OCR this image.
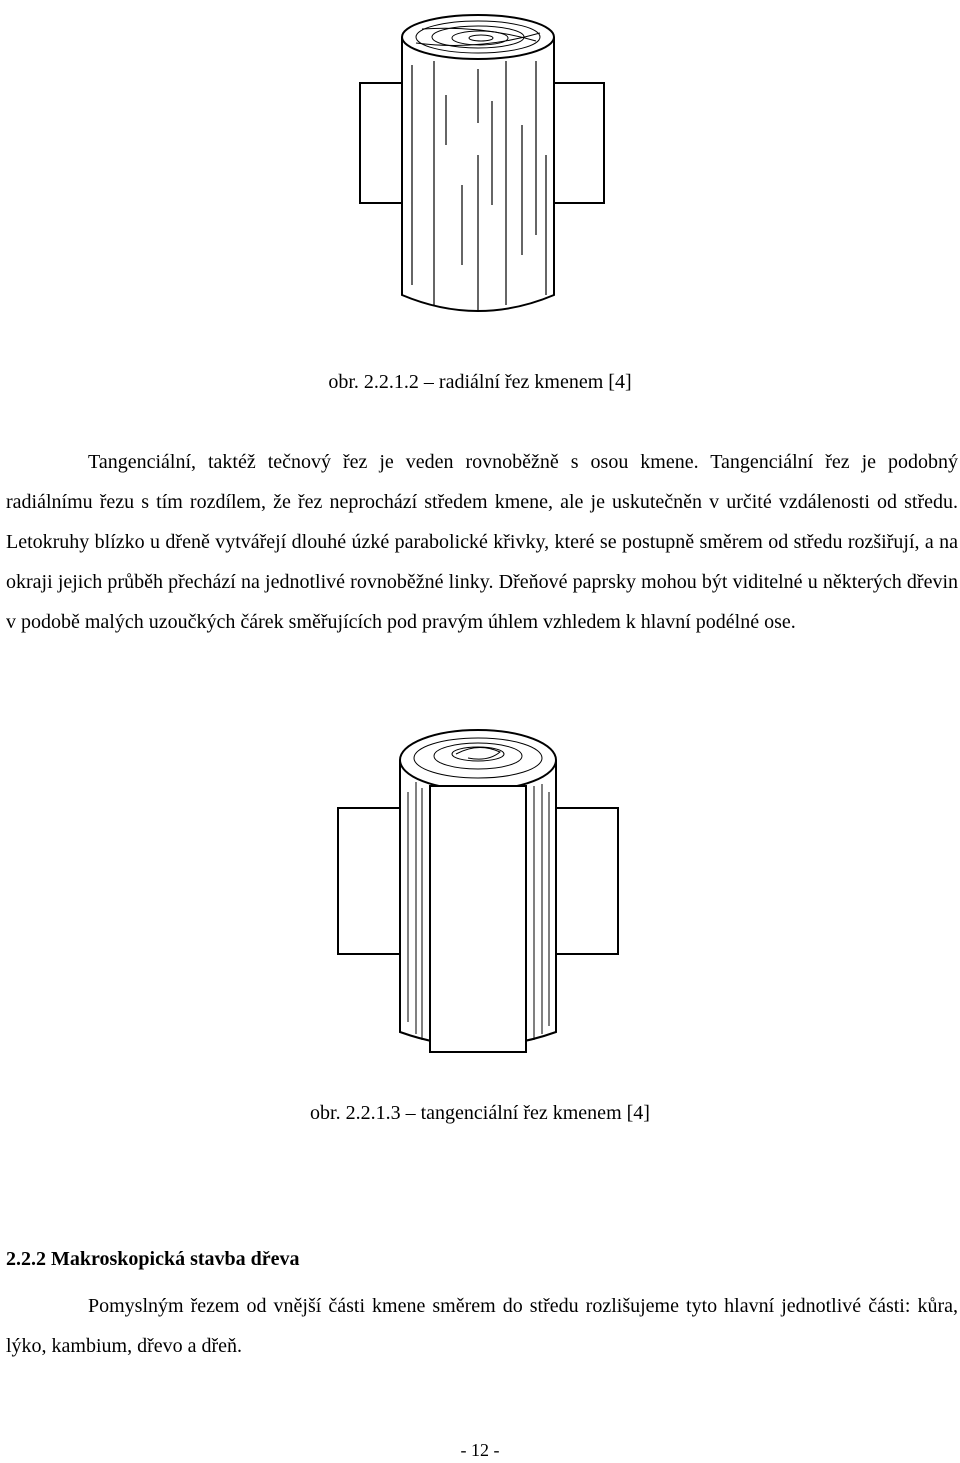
obr. 2.2.1.2 – radiální řez kmenem [4]

Tangenciální, taktéž tečnový řez je veden rovnoběžně s osou kmene. Tangenciální řez je podobný radiálnímu řezu s tím rozdílem, že řez neprochází středem kmene, ale je uskutečněn v určité vzdálenosti od středu. Letokruhy blízko u dřeně vytvářejí dlouhé úzké parabolické křivky, které se postupně směrem od středu rozšiřují, a na okraji jejich průběh přechází na jednotlivé rovnoběžné linky. Dřeňové paprsky mohou být viditelné u některých dřevin v podobě malých uzoučkých čárek směřujících pod pravým úhlem vzhledem k hlavní podélné ose.

obr. 2.2.1.3 – tangenciální řez kmenem [4]
2.2.2 Makroskopická stavba dřeva

Pomyslným řezem od vnější části kmene směrem do středu rozlišujeme tyto hlavní jednotlivé části: kůra, lýko, kambium, dřevo a dřeň.

- 12 -
